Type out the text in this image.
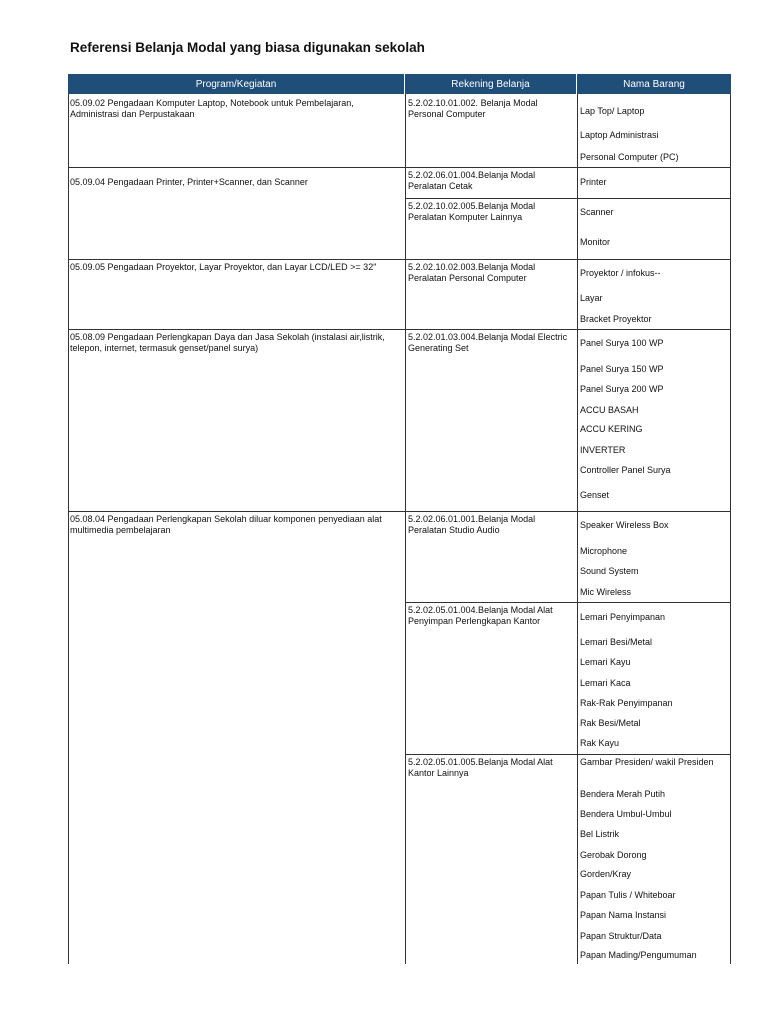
Referensi Belanja Modal yang biasa digunakan sekolah
Program/Kegiatan	Rekening Belanja	Nama Barang
05.09.02 Pengadaan Komputer Laptop, Notebook untuk Pembelajaran, Administrasi dan Perpustakaan
05.09.04 Pengadaan Printer, Printer+Scanner, dan Scanner
05.09.05 Pengadaan Proyektor, Layar Proyektor, dan Layar LCD/LED >= 32"
05.08.09 Pengadaan Perlengkapan Daya dan Jasa Sekolah (instalasi air,listrik, telepon, internet, termasuk genset/panel surya)
05.08.04 Pengadaan Perlengkapan Sekolah diluar komponen penyediaan alat multimedia pembelajaran
5.2.02.10.01.002. Belanja Modal Personal Computer
5.2.02.06.01.004.Belanja Modal Peralatan Cetak
5.2.02.10.02.005.Belanja Modal Peralatan Komputer Lainnya
5.2.02.10.02.003.Belanja Modal Peralatan Personal Computer
5.2.02.01.03.004.Belanja Modal Electric Generating Set
5.2.02.06.01.001.Belanja Modal Peralatan Studio Audio
5.2.02.05.01.004.Belanja Modal Alat Penyimpan Perlengkapan Kantor
5.2.02.05.01.005.Belanja Modal Alat Kantor Lainnya
Lap Top/ Laptop
Laptop Administrasi
Personal Computer (PC)
Printer
Scanner
Monitor
Proyektor / infokus--
Layar
Bracket Proyektor
Panel Surya 100 WP
Panel Surya 150 WP
Panel Surya 200 WP
ACCU BASAH
ACCU KERING
INVERTER
Controller Panel Surya
Genset
Speaker Wireless Box
Microphone
Sound System
Mic Wireless
Lemari Penyimpanan
Lemari Besi/Metal
Lemari Kayu
Lemari Kaca
Rak-Rak Penyimpanan
Rak Besi/Metal
Rak Kayu
Gambar Presiden/ wakil Presiden
Bendera Merah Putih
Bendera Umbul-Umbul
Bel Listrik
Gerobak Dorong
Gorden/Kray
Papan Tulis / Whiteboar
Papan Nama Instansi
Papan Struktur/Data
Papan Mading/Pengumuman
